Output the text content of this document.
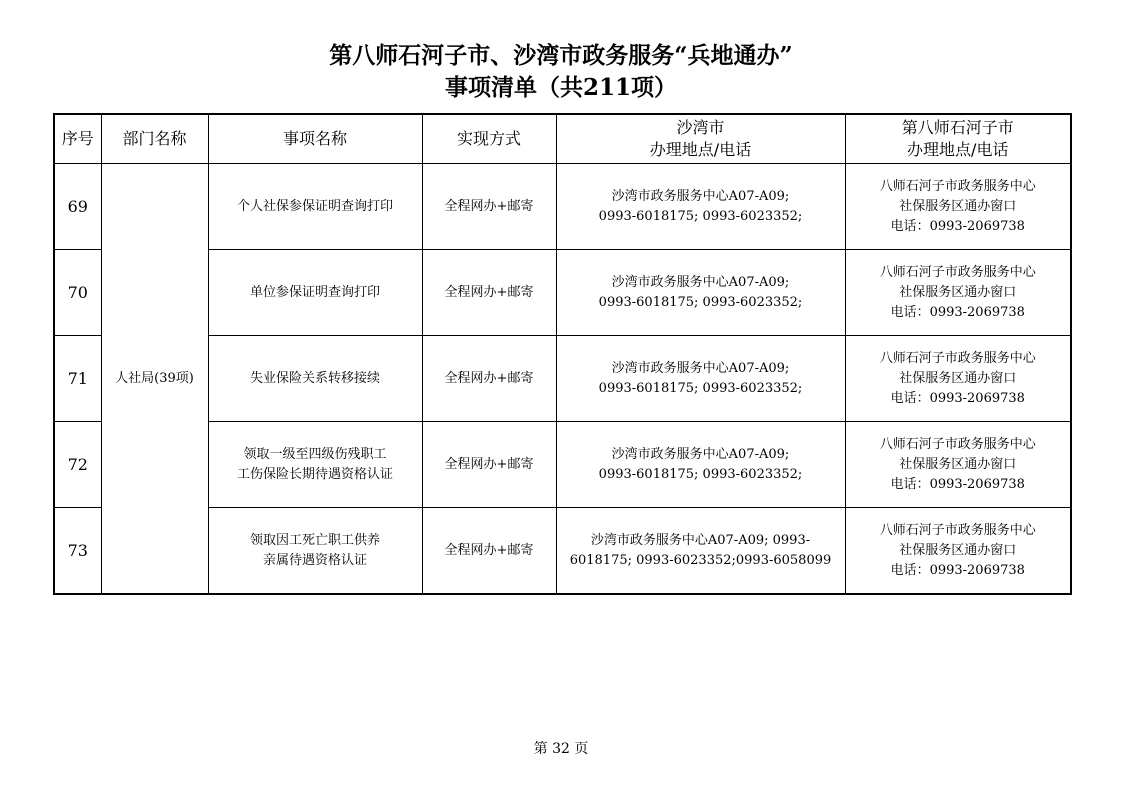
第八师石河子市、沙湾市政务服务“兵地通办”
事项清单（共211项）
序号	部门名称	事项名称	实现方式	沙湾市
办理地点/电话	第八师石河子市
办理地点/电话

69	人社局(39项)	个人社保参保证明查询打印	全程网办+邮寄	沙湾市政务服务中心A07-A09;
0993-6018175; 0993-6023352;	八师石河子市政务服务中心
社保服务区通办窗口
电话：0993-2069738

70		单位参保证明查询打印	全程网办+邮寄	沙湾市政务服务中心A07-A09;
0993-6018175; 0993-6023352;	八师石河子市政务服务中心
社保服务区通办窗口
电话：0993-2069738

71		失业保险关系转移接续	全程网办+邮寄	沙湾市政务服务中心A07-A09;
0993-6018175; 0993-6023352;	八师石河子市政务服务中心
社保服务区通办窗口
电话：0993-2069738

72		领取一级至四级伤残职工
工伤保险长期待遇资格认证	全程网办+邮寄	沙湾市政务服务中心A07-A09;
0993-6018175; 0993-6023352;	八师石河子市政务服务中心
社保服务区通办窗口
电话：0993-2069738

73		领取因工死亡职工供养
亲属待遇资格认证	全程网办+邮寄	沙湾市政务服务中心A07-A09; 0993-
6018175; 0993-6023352;0993-6058099	八师石河子市政务服务中心
社保服务区通办窗口
电话：0993-2069738
第 32 页
